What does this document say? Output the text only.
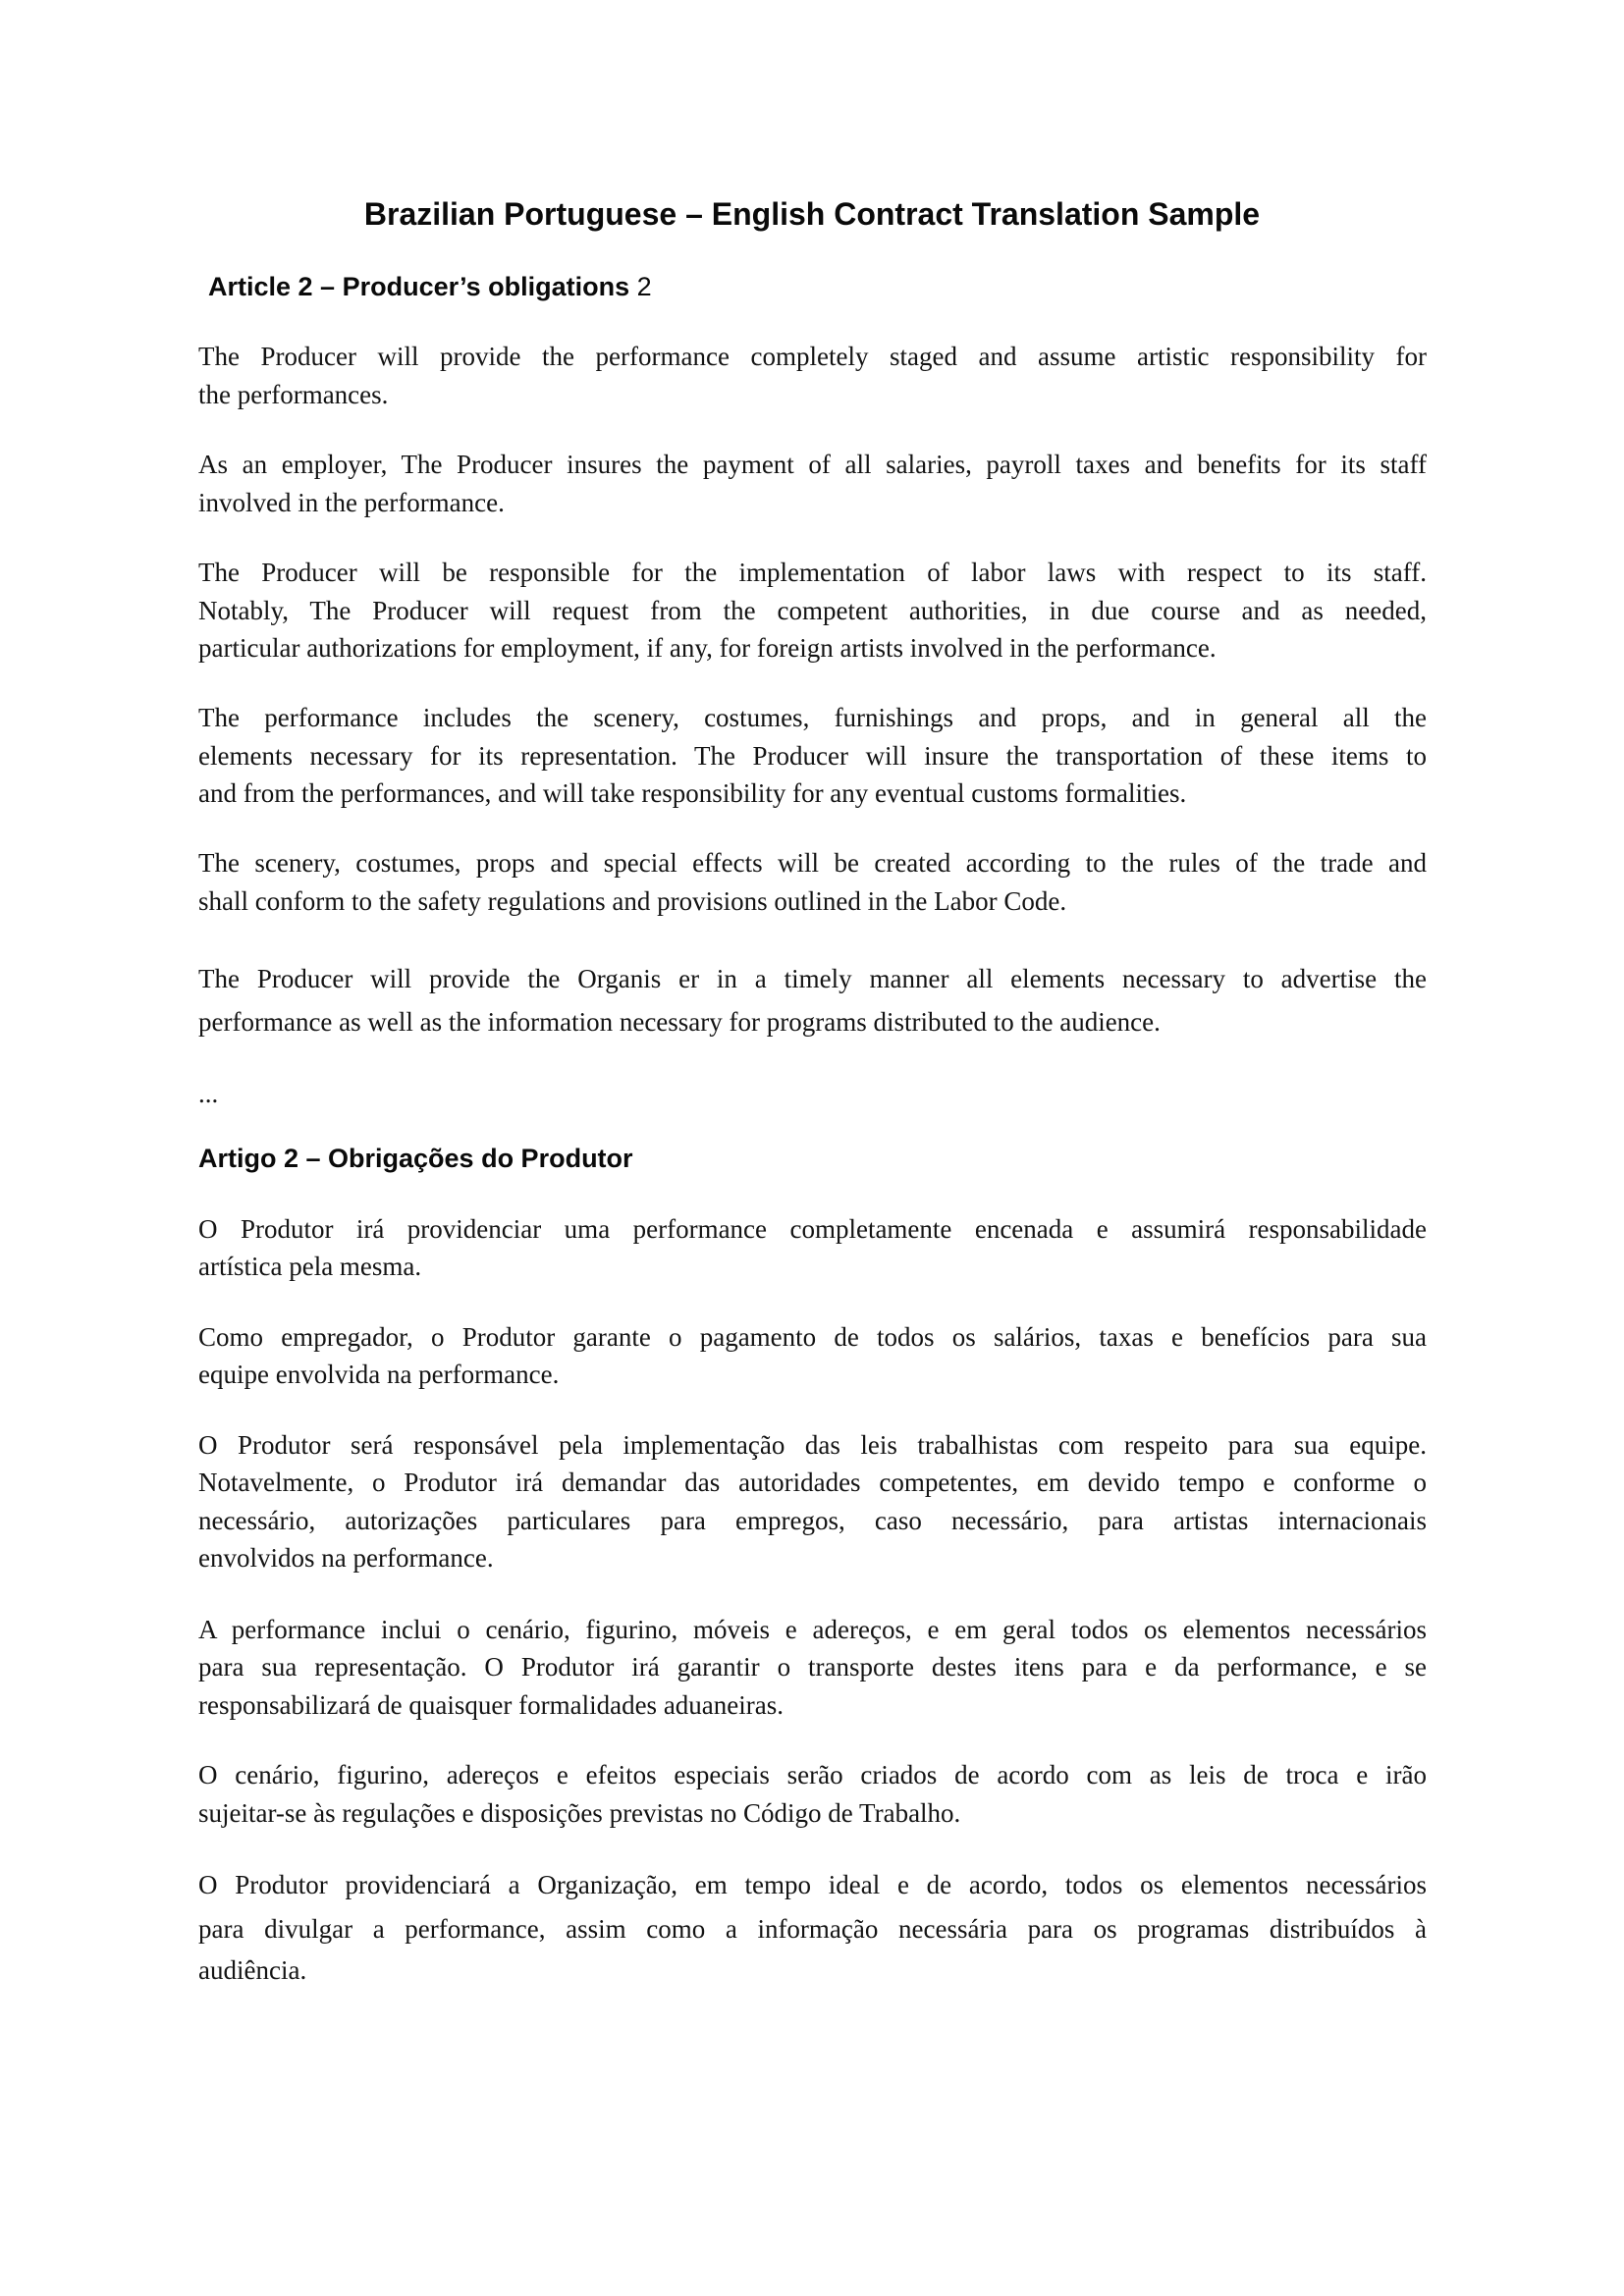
Brazilian Portuguese – English Contract Translation Sample
Article 2 – Producer’s obligations 2
The Producer will provide the performance completely staged and assume artistic responsibility for
the performances.
As an employer, The Producer insures the payment of all salaries, payroll taxes and benefits for its staff
involved in the performance.
The Producer will be responsible for the implementation of labor laws with respect to its staff.
Notably, The Producer will request from the competent authorities, in due course and as needed,
particular authorizations for employment, if any, for foreign artists involved in the performance.
The performance includes the scenery, costumes, furnishings and props, and in general all the
elements necessary for its representation. The Producer will insure the transportation of these items to
and from the performances, and will take responsibility for any eventual customs formalities.
The scenery, costumes, props and special effects will be created according to the rules of the trade and
shall conform to the safety regulations and provisions outlined in the Labor Code.
The Producer will provide the Organis er in a timely manner all elements necessary to advertise the
performance as well as the information necessary for programs distributed to the audience.
...
Artigo 2 – Obrigações do Produtor
O Produtor irá providenciar uma performance completamente encenada e assumirá responsabilidade
artística pela mesma.
Como empregador, o Produtor garante o pagamento de todos os salários, taxas e benefícios para sua
equipe envolvida na performance.
O Produtor será responsável pela implementação das leis trabalhistas com respeito para sua equipe.
Notavelmente, o Produtor irá demandar das autoridades competentes, em devido tempo e conforme o
necessário, autorizações particulares para empregos, caso necessário, para artistas internacionais
envolvidos na performance.
A performance inclui o cenário, figurino, móveis e adereços, e em geral todos os elementos necessários
para sua representação. O Produtor irá garantir o transporte destes itens para e da performance, e se
responsabilizará de quaisquer formalidades aduaneiras.
O cenário, figurino, adereços e efeitos especiais serão criados de acordo com as leis de troca e irão
sujeitar-se às regulações e disposições previstas no Código de Trabalho.
O Produtor providenciará a Organização, em tempo ideal e de acordo, todos os elementos necessários
para divulgar a performance, assim como a informação necessária para os programas distribuídos à
audiência.
